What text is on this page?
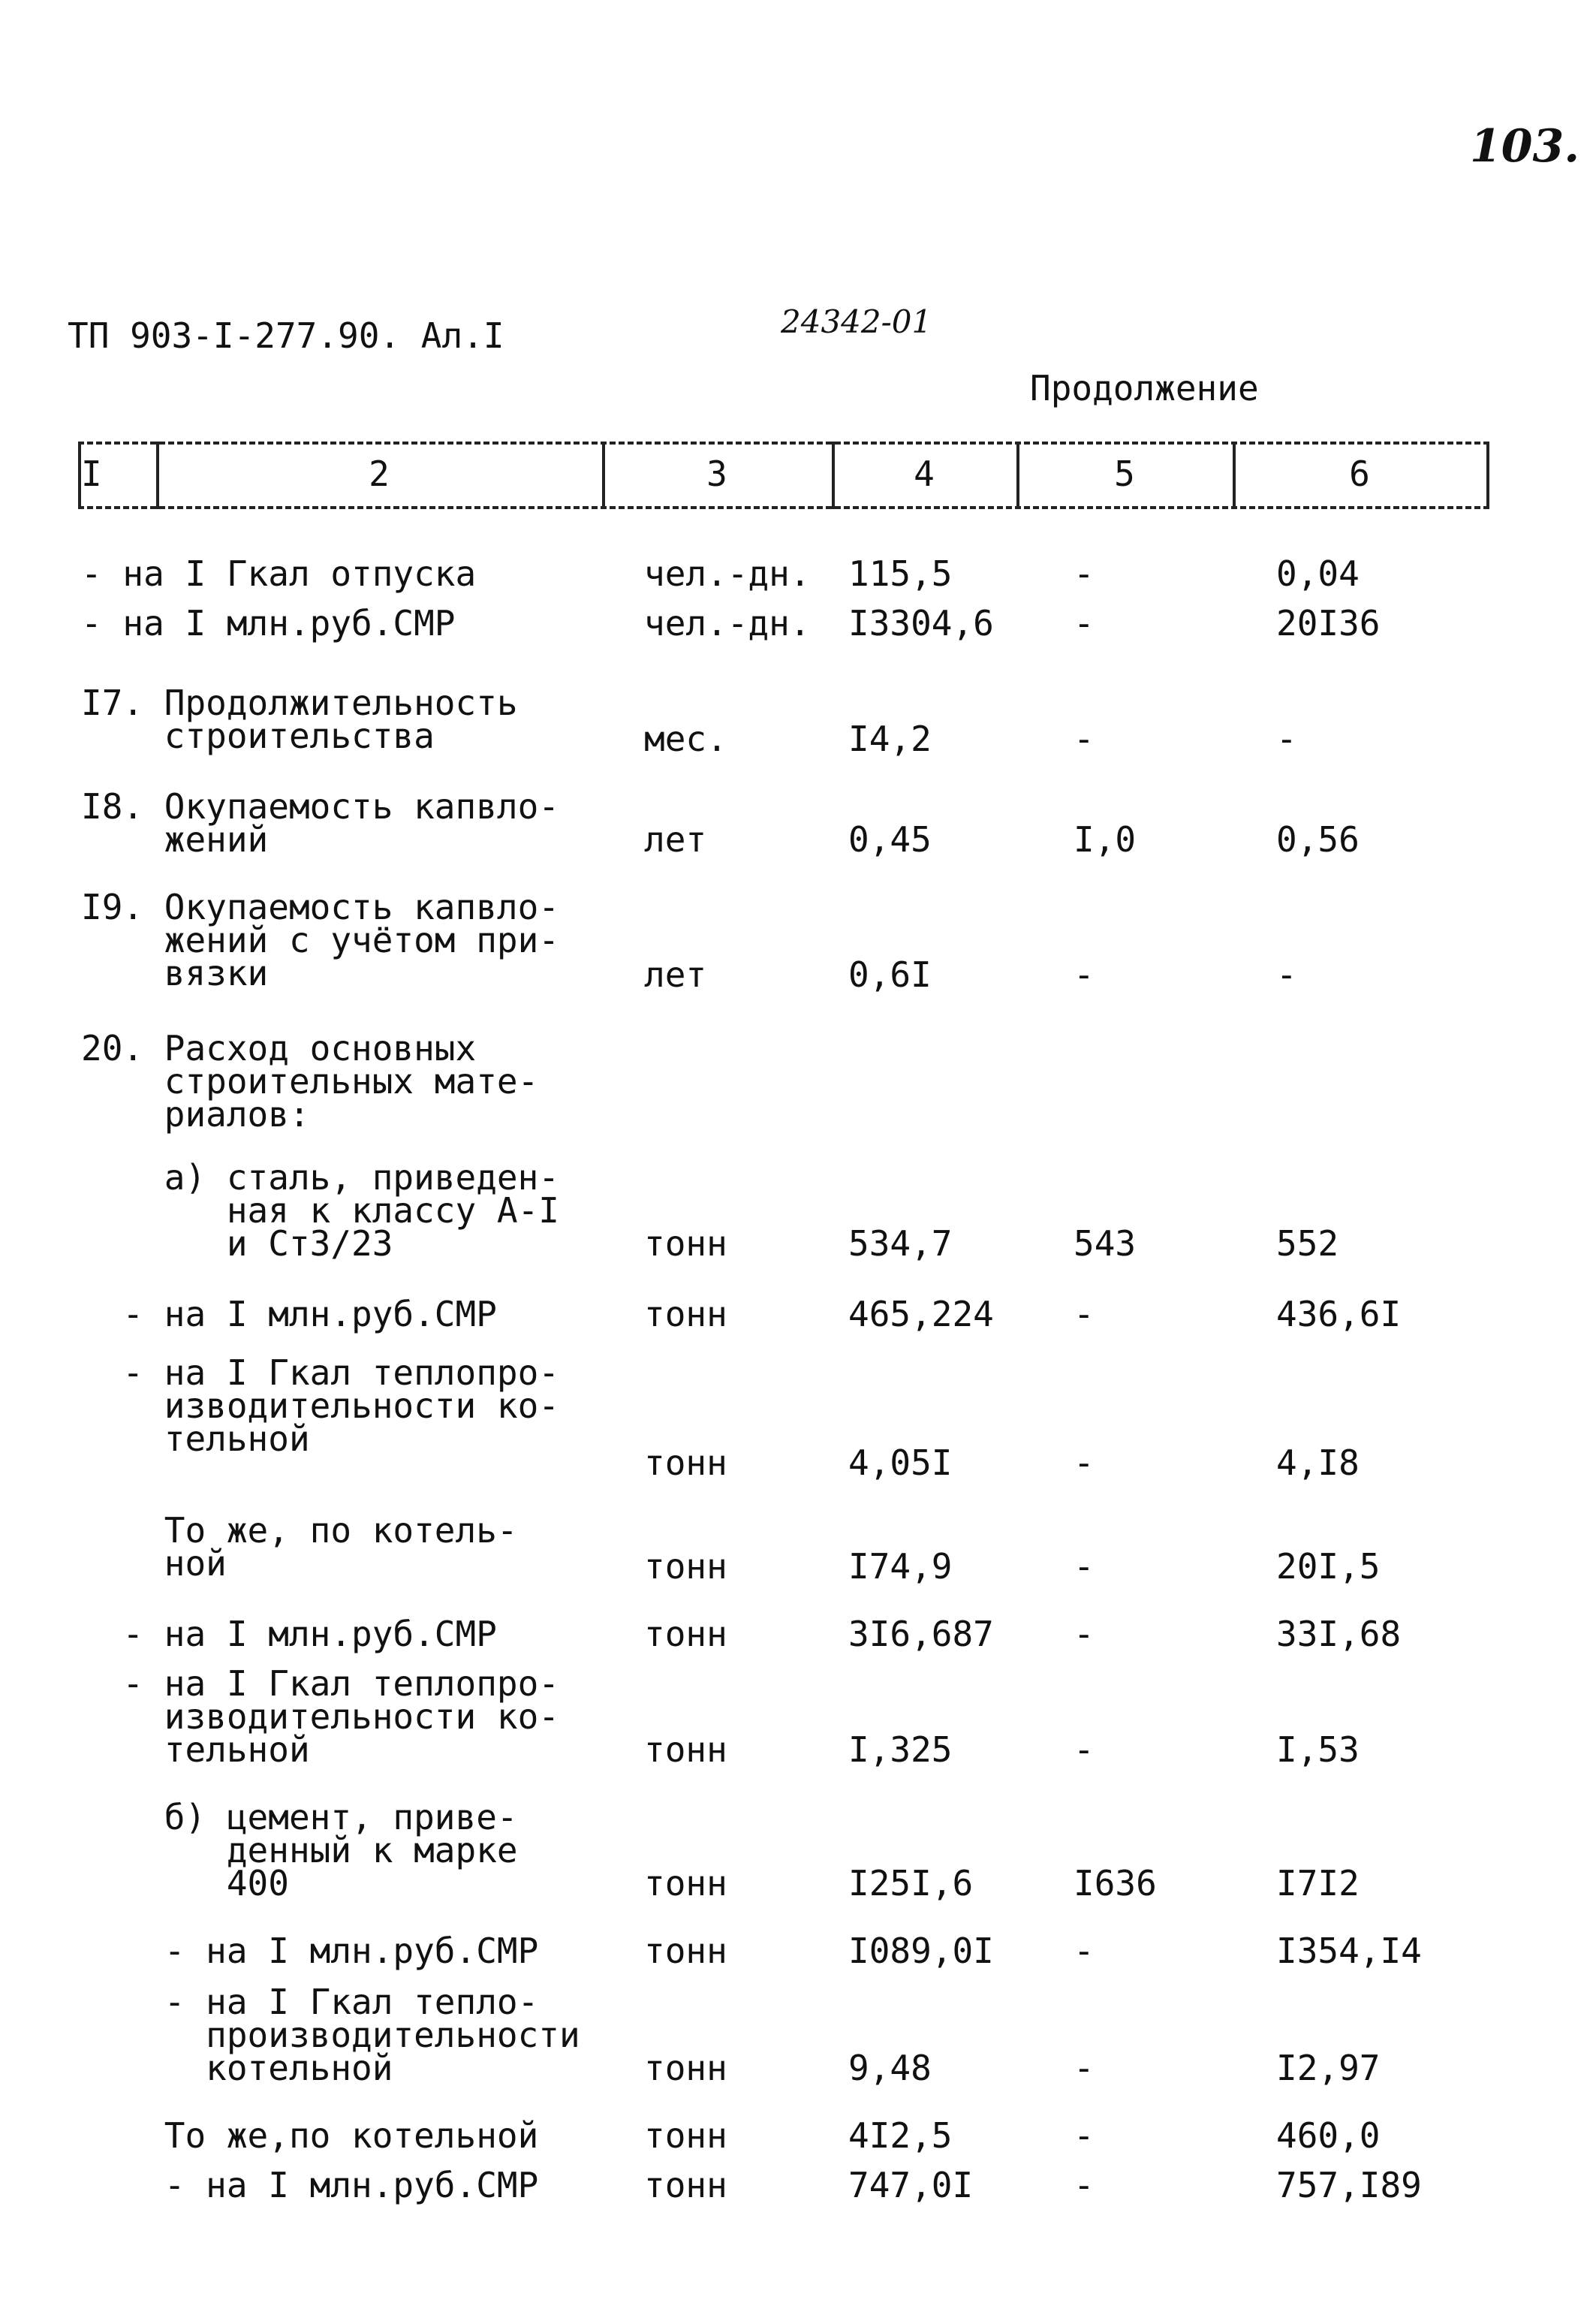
103.
ТП 903-I-277.90. Ал.I	24342-01
Продолжение
I	2	3	4	5	6
- на I Гкал отпуска	чел.-дн. 115,5	-	0,04
- на I млн.руб.СМР	чел.-дн. I3304,6 -	20I36
I7. Продолжительность
строительства	мес.	I4,2	-	-
I8. Окупаемость капвло-
жений	лет	0,45	I,0	0,56
I9. Окупаемость капвло-
жений с учётом при-
вязки	лет	0,6I	-	-
20. Расход основных
строительных мате-
риалов:
а) сталь, приведен-
ная к классу А-I
и Ст3/23	тонн	534,7	543	552
- на I млн.руб.СМР	тонн	465,224 -	436,6I
- на I Гкал теплопро-
изводительности ко-
тельной
тонн	4,05I	-	4,I8
То же, по котель-
ной	тонн	I74,9	-	20I,5
- на I млн.руб.СМР	тонн	3I6,687 -	33I,68
- на I Гкал теплопро-
изводительности ко-
тельной	тонн	I,325	-	I,53
б) цемент, приве-
денный к марке
400	тонн	I25I,6	I636	I7I2
- на I млн.руб.СМР	тонн	I089,0I -	I354,I4
- на I Гкал тепло-
производительности
котельной	тонн	9,48	-	I2,97
То же,по котельной	тонн	4I2,5	-	460,0
- на I млн.руб.СМР	тонн	747,0I	-	757,I89
